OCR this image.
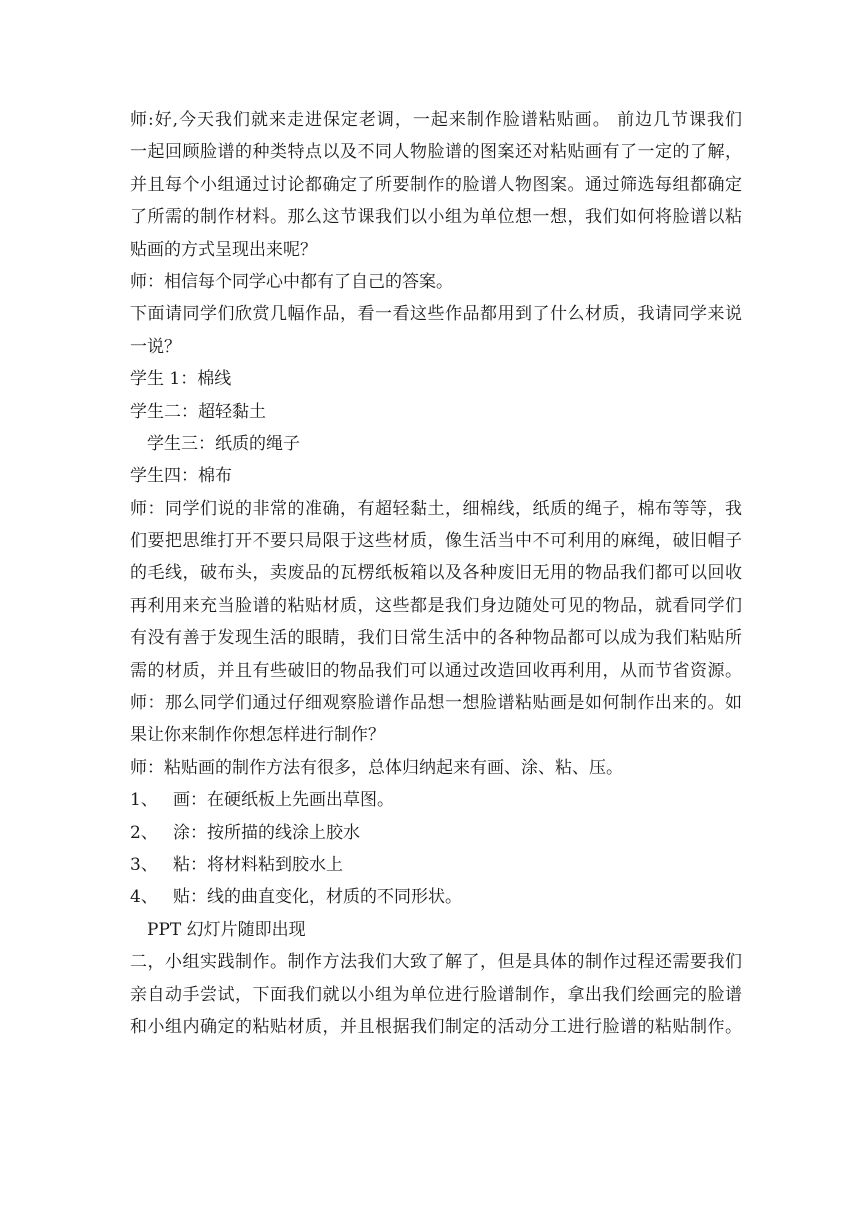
师:好,今天我们就来走进保定老调，一起来制作脸谱粘贴画。 前边几节课我们
一起回顾脸谱的种类特点以及不同人物脸谱的图案还对粘贴画有了一定的了解，
并且每个小组通过讨论都确定了所要制作的脸谱人物图案。通过筛选每组都确定
了所需的制作材料。那么这节课我们以小组为单位想一想，我们如何将脸谱以粘
贴画的方式呈现出来呢？
师：相信每个同学心中都有了自己的答案。
下面请同学们欣赏几幅作品，看一看这些作品都用到了什么材质，我请同学来说
一说？
学生 1：棉线
学生二：超轻黏土
学生三：纸质的绳子
学生四：棉布
师：同学们说的非常的准确，有超轻黏土，细棉线，纸质的绳子，棉布等等，我
们要把思维打开不要只局限于这些材质，像生活当中不可利用的麻绳，破旧帽子
的毛线，破布头，卖废品的瓦楞纸板箱以及各种废旧无用的物品我们都可以回收
再利用来充当脸谱的粘贴材质，这些都是我们身边随处可见的物品，就看同学们
有没有善于发现生活的眼睛，我们日常生活中的各种物品都可以成为我们粘贴所
需的材质，并且有些破旧的物品我们可以通过改造回收再利用，从而节省资源。
师：那么同学们通过仔细观察脸谱作品想一想脸谱粘贴画是如何制作出来的。如
果让你来制作你想怎样进行制作？
师：粘贴画的制作方法有很多，总体归纳起来有画、涂、粘、压。
1、 画：在硬纸板上先画出草图。
2、 涂：按所描的线涂上胶水
3、 粘：将材料粘到胶水上
4、 贴：线的曲直变化，材质的不同形状。
PPT 幻灯片随即出现
二，小组实践制作。制作方法我们大致了解了，但是具体的制作过程还需要我们
亲自动手尝试，下面我们就以小组为单位进行脸谱制作，拿出我们绘画完的脸谱
和小组内确定的粘贴材质，并且根据我们制定的活动分工进行脸谱的粘贴制作。
